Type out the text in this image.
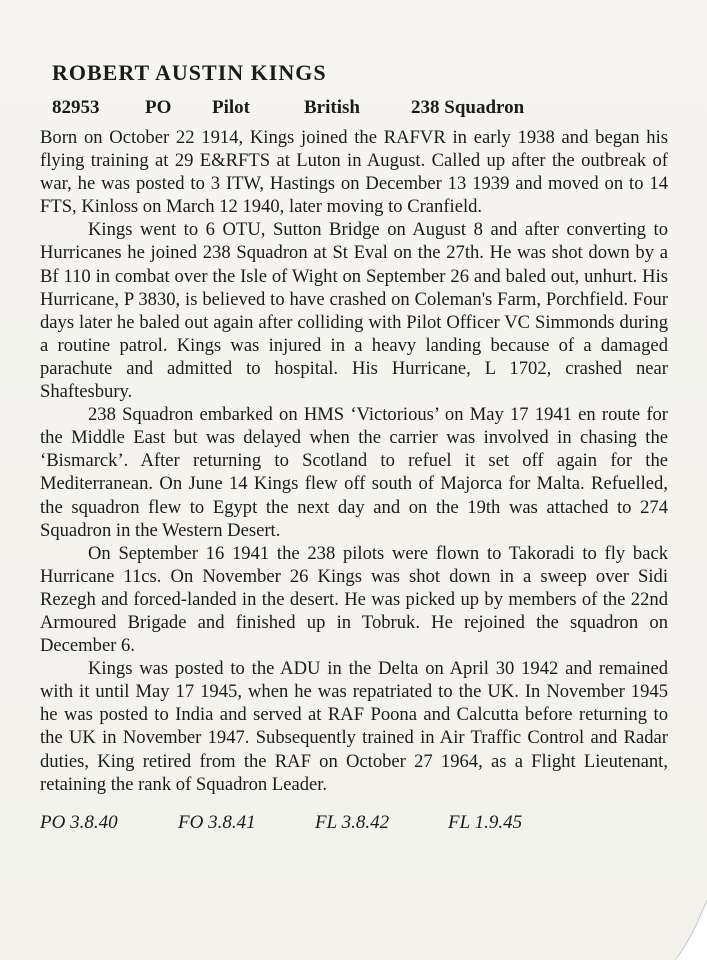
ROBERT AUSTIN KINGS
82953	PO	Pilot	British	238 Squadron

Born on October 22 1914, Kings joined the RAFVR in early 1938 and began his flying training at 29 E&RFTS at Luton in August. Called up after the outbreak of war, he was posted to 3 ITW, Hastings on December 13 1939 and moved on to 14 FTS, Kinloss on March 12 1940, later moving to Cranfield.

Kings went to 6 OTU, Sutton Bridge on August 8 and after converting to Hurricanes he joined 238 Squadron at St Eval on the 27th. He was shot down by a Bf 110 in combat over the Isle of Wight on September 26 and baled out, unhurt. His Hurricane, P 3830, is believed to have crashed on Coleman's Farm, Porchfield. Four days later he baled out again after colliding with Pilot Officer VC Simmonds during a routine patrol. Kings was injured in a heavy landing because of a damaged parachute and admitted to hospital. His Hurricane, L 1702, crashed near Shaftesbury.

238 Squadron embarked on HMS ‘Victorious’ on May 17 1941 en route for the Middle East but was delayed when the carrier was involved in chasing the ‘Bismarck’. After returning to Scotland to refuel it set off again for the Mediterranean. On June 14 Kings flew off south of Majorca for Malta. Refuelled, the squadron flew to Egypt the next day and on the 19th was attached to 274 Squadron in the Western Desert.

On September 16 1941 the 238 pilots were flown to Takoradi to fly back Hurricane 11cs. On November 26 Kings was shot down in a sweep over Sidi Rezegh and forced-landed in the desert. He was picked up by members of the 22nd Armoured Brigade and finished up in Tobruk. He rejoined the squadron on December 6.

Kings was posted to the ADU in the Delta on April 30 1942 and remained with it until May 17 1945, when he was repatriated to the UK. In November 1945 he was posted to India and served at RAF Poona and Calcutta before returning to the UK in November 1947. Subsequently trained in Air Traffic Control and Radar duties, King retired from the RAF on October 27 1964, as a Flight Lieutenant, retaining the rank of Squadron Leader.

PO 3.8.40	FO 3.8.41	FL 3.8.42	FL 1.9.45
